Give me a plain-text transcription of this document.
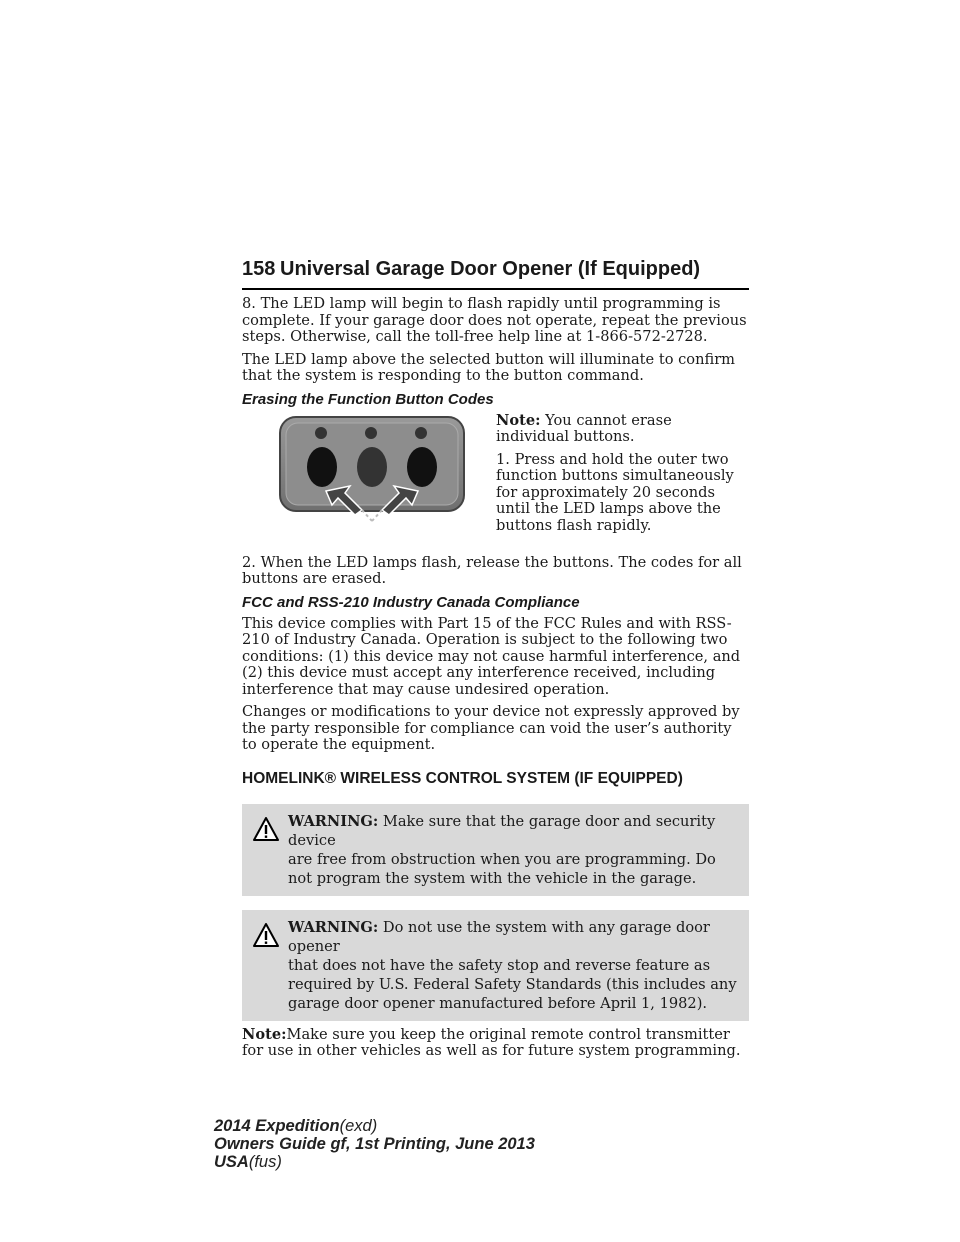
158 Universal Garage Door Opener (If Equipped)

8. The LED lamp will begin to flash rapidly until programming is complete. If your garage door does not operate, repeat the previous steps. Otherwise, call the toll-free help line at 1-866-572-2728.

The LED lamp above the selected button will illuminate to confirm that the system is responding to the button command.

Erasing the Function Button Codes

Note: You cannot erase individual buttons.

1. Press and hold the outer two function buttons simultaneously for approximately 20 seconds until the LED lamps above the buttons flash rapidly.

2. When the LED lamps flash, release the buttons. The codes for all buttons are erased.

FCC and RSS-210 Industry Canada Compliance

This device complies with Part 15 of the FCC Rules and with RSS-210 of Industry Canada. Operation is subject to the following two conditions: (1) this device may not cause harmful interference, and (2) this device must accept any interference received, including interference that may cause undesired operation.

Changes or modifications to your device not expressly approved by the party responsible for compliance can void the user’s authority to operate the equipment.

HOMELINK® WIRELESS CONTROL SYSTEM (IF EQUIPPED)

WARNING: Make sure that the garage door and security device

are free from obstruction when you are programming. Do not program the system with the vehicle in the garage.

WARNING: Do not use the system with any garage door opener

that does not have the safety stop and reverse feature as required by U.S. Federal Safety Standards (this includes any garage door opener manufactured before April 1, 1982).

Note:Make sure you keep the original remote control transmitter for use in other vehicles as well as for future system programming.

2014 Expedition(exd)
Owners Guide gf, 1st Printing, June 2013
USA(fus)
